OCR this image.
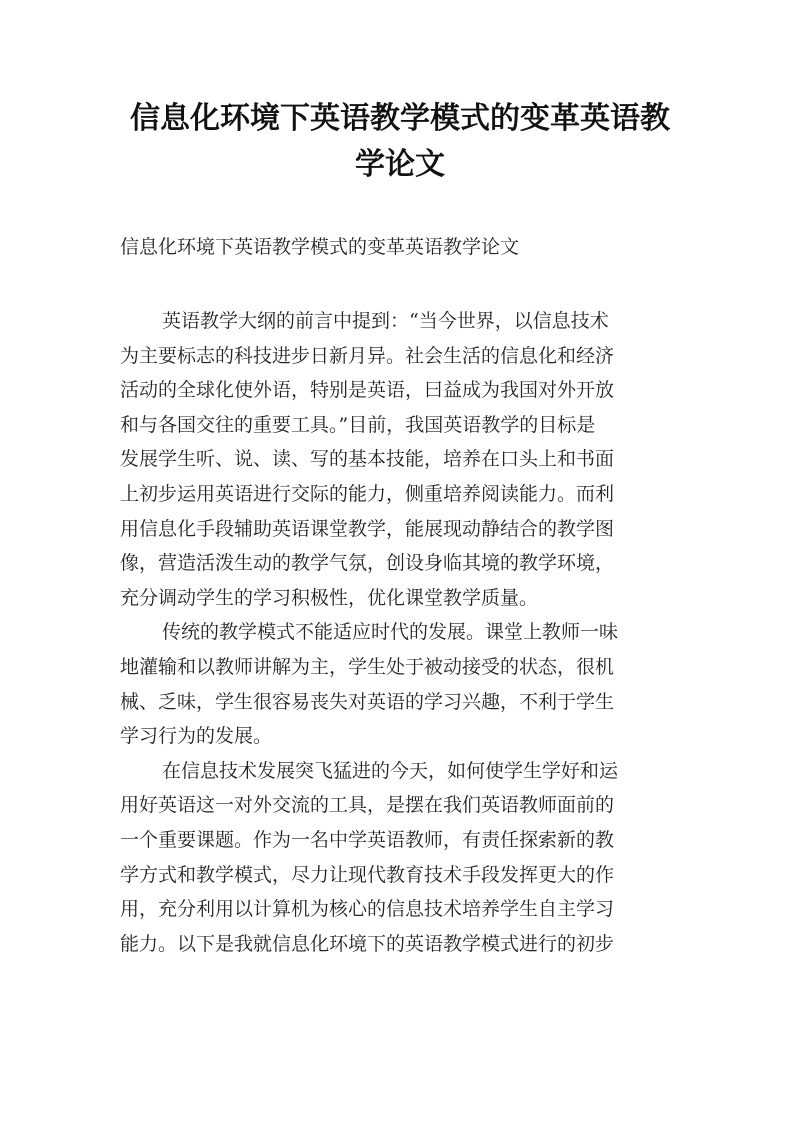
信息化环境下英语教学模式的变革英语教
学论文
信息化环境下英语教学模式的变革英语教学论文
英语教学大纲的前言中提到：“当今世界，以信息技术
为主要标志的科技进步日新月异。社会生活的信息化和经济
活动的全球化使外语，特别是英语，曰益成为我国对外开放
和与各国交往的重要工具。”目前，我国英语教学的目标是
发展学生听、说、读、写的基本技能，培养在口头上和书面
上初步运用英语进行交际的能力，侧重培养阅读能力。而利
用信息化手段辅助英语课堂教学，能展现动静结合的教学图
像，营造活泼生动的教学气氛，创设身临其境的教学环境，
充分调动学生的学习积极性，优化课堂教学质量。
传统的教学模式不能适应时代的发展。课堂上教师一味
地灌输和以教师讲解为主，学生处于被动接受的状态，很机
械、乏味，学生很容易丧失对英语的学习兴趣，不利于学生
学习行为的发展。
在信息技术发展突飞猛进的今天，如何使学生学好和运
用好英语这一对外交流的工具，是摆在我们英语教师面前的
一个重要课题。作为一名中学英语教师，有责任探索新的教
学方式和教学模式，尽力让现代教育技术手段发挥更大的作
用，充分利用以计算机为核心的信息技术培养学生自主学习
能力。以下是我就信息化环境下的英语教学模式进行的初步
